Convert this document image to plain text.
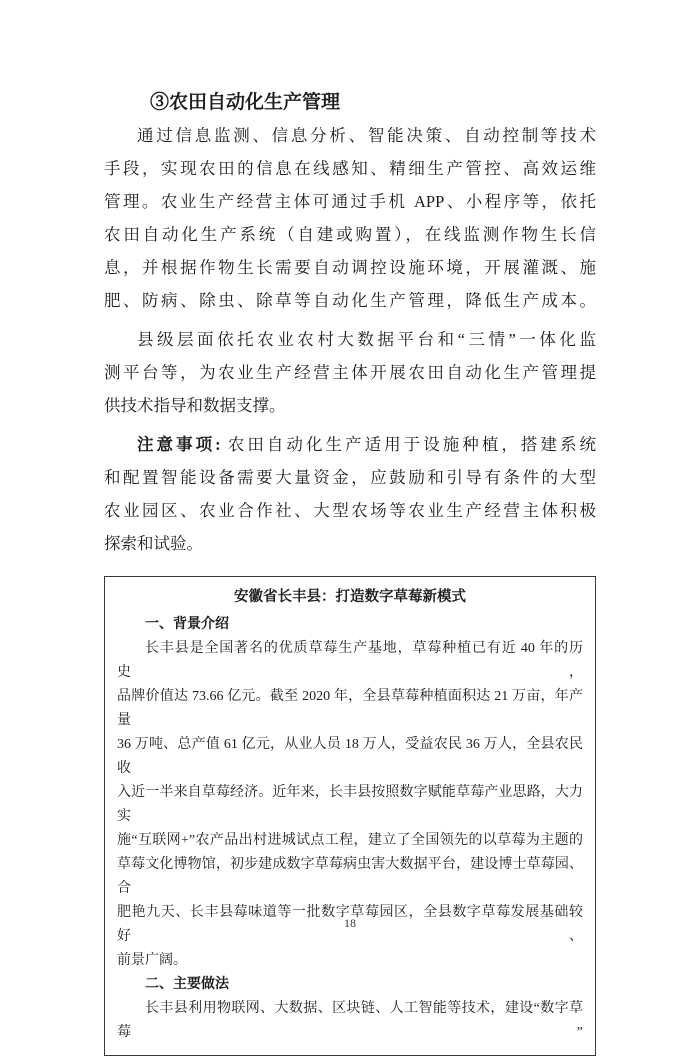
③农田自动化生产管理
通过信息监测、信息分析、智能决策、自动控制等技术
手段，实现农田的信息在线感知、精细生产管控、高效运维
管理。农业生产经营主体可通过手机 APP、小程序等，依托
农田自动化生产系统（自建或购置），在线监测作物生长信
息，并根据作物生长需要自动调控设施环境，开展灌溉、施
肥、防病、除虫、除草等自动化生产管理，降低生产成本。
县级层面依托农业农村大数据平台和“三情”一体化监
测平台等，为农业生产经营主体开展农田自动化生产管理提
供技术指导和数据支撑。
注意事项: 农田自动化生产适用于设施种植，搭建系统
和配置智能设备需要大量资金，应鼓励和引导有条件的大型
农业园区、农业合作社、大型农场等农业生产经营主体积极
探索和试验。
安徽省长丰县：打造数字草莓新模式
一、背景介绍
长丰县是全国著名的优质草莓生产基地，草莓种植已有近 40 年的历史，
品牌价值达 73.66 亿元。截至 2020 年，全县草莓种植面积达 21 万亩，年产量
36 万吨、总产值 61 亿元，从业人员 18 万人，受益农民 36 万人，全县农民收
入近一半来自草莓经济。近年来，长丰县按照数字赋能草莓产业思路，大力实
施“互联网+”农产品出村进城试点工程，建立了全国领先的以草莓为主题的
草莓文化博物馆，初步建成数字草莓病虫害大数据平台，建设博士草莓园、合
肥艳九天、长丰县莓味道等一批数字草莓园区，全县数字草莓发展基础较好、
前景广阔。
二、主要做法
长丰县利用物联网、大数据、区块链、人工智能等技术，建设“数字草莓”
18
